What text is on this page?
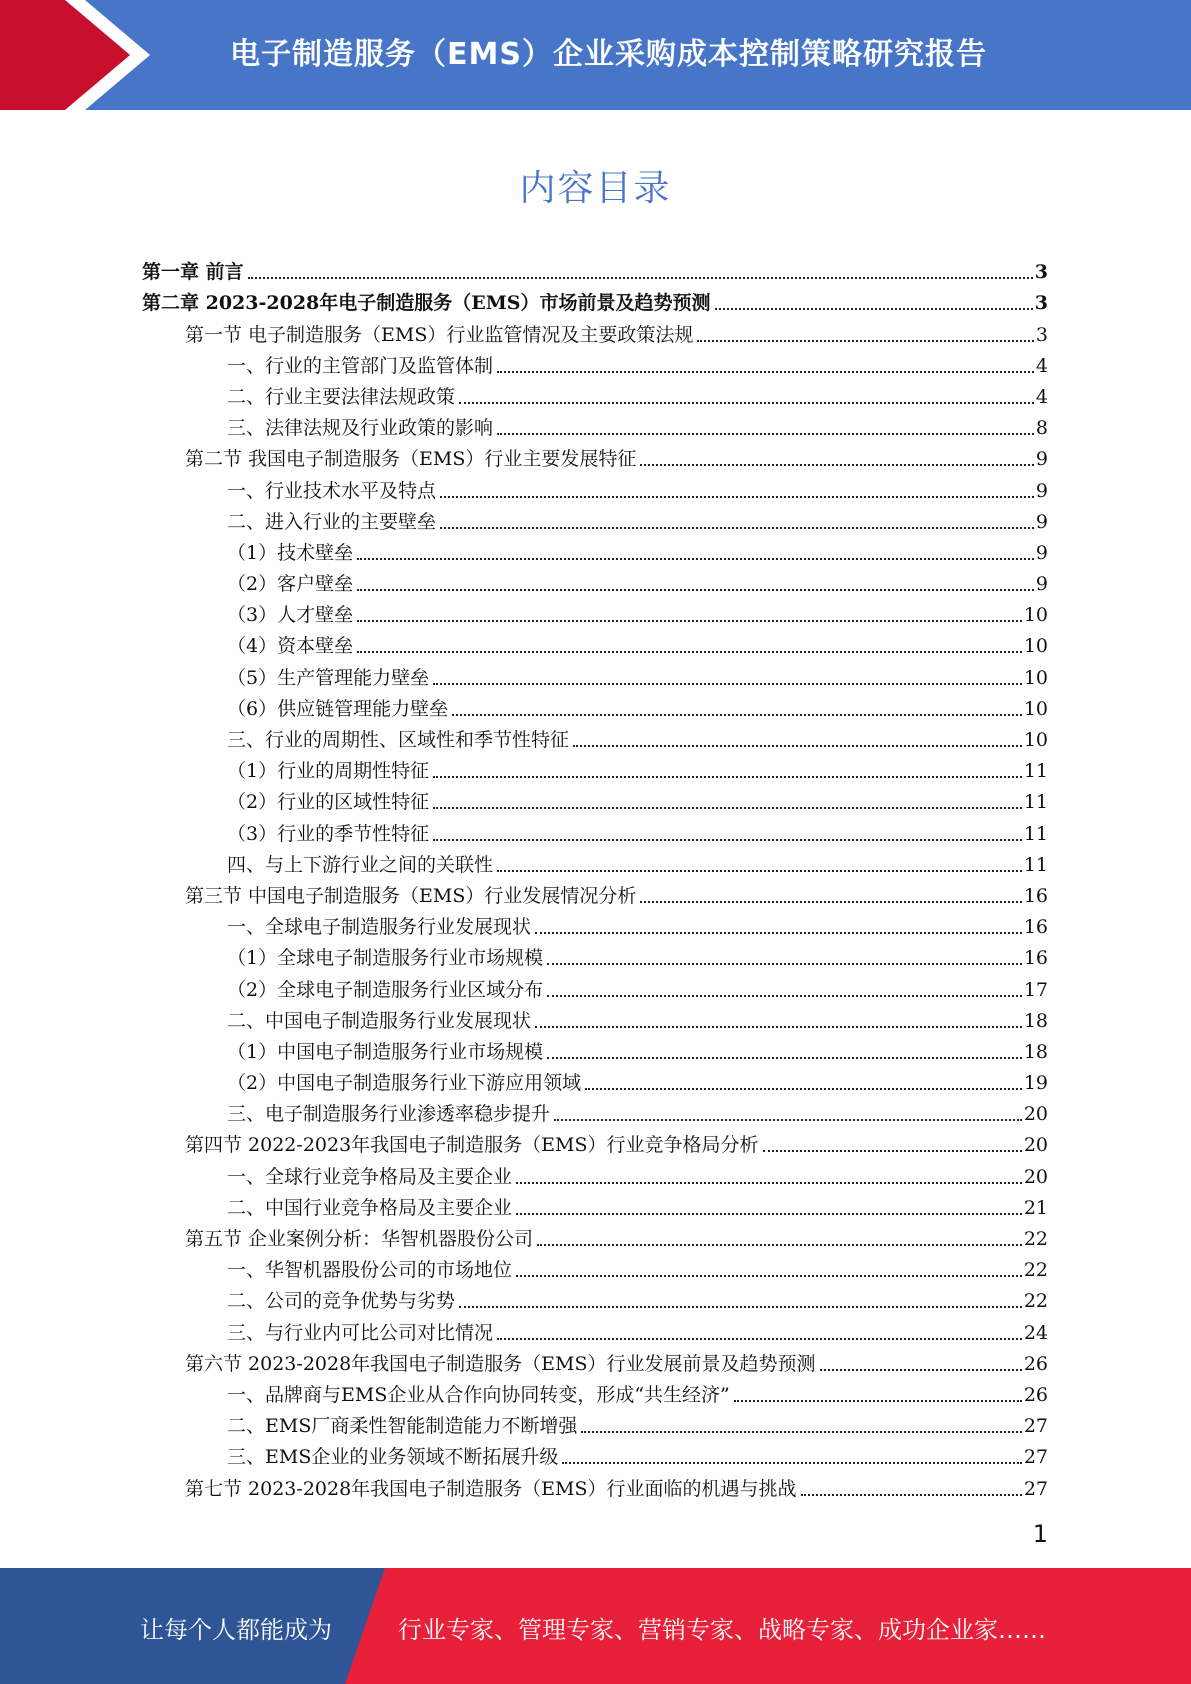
电子制造服务（EMS）企业采购成本控制策略研究报告
内容目录
第一章 前言	3
第二章 2023-2028年电子制造服务（EMS）市场前景及趋势预测	3
第一节 电子制造服务（EMS）行业监管情况及主要政策法规	3
一、行业的主管部门及监管体制	4
二、行业主要法律法规政策	4
三、法律法规及行业政策的影响	8
第二节 我国电子制造服务（EMS）行业主要发展特征	9
一、行业技术水平及特点	9
二、进入行业的主要壁垒	9
（1）技术壁垒	9
（2）客户壁垒	9
（3）人才壁垒	10
（4）资本壁垒	10
（5）生产管理能力壁垒	10
（6）供应链管理能力壁垒	10
三、行业的周期性、区域性和季节性特征	10
（1）行业的周期性特征	11
（2）行业的区域性特征	11
（3）行业的季节性特征	11
四、与上下游行业之间的关联性	11
第三节 中国电子制造服务（EMS）行业发展情况分析	16
一、全球电子制造服务行业发展现状	16
（1）全球电子制造服务行业市场规模	16
（2）全球电子制造服务行业区域分布	17
二、中国电子制造服务行业发展现状	18
（1）中国电子制造服务行业市场规模	18
（2）中国电子制造服务行业下游应用领域	19
三、电子制造服务行业渗透率稳步提升	20
第四节 2022-2023年我国电子制造服务（EMS）行业竞争格局分析	20
一、全球行业竞争格局及主要企业	20
二、中国行业竞争格局及主要企业	21
第五节 企业案例分析：华智机器股份公司	22
一、华智机器股份公司的市场地位	22
二、公司的竞争优势与劣势	22
三、与行业内可比公司对比情况	24
第六节 2023-2028年我国电子制造服务（EMS）行业发展前景及趋势预测	26
一、品牌商与EMS企业从合作向协同转变，形成“共生经济”	26
二、EMS厂商柔性智能制造能力不断增强	27
三、EMS企业的业务领域不断拓展升级	27
第七节 2023-2028年我国电子制造服务（EMS）行业面临的机遇与挑战	27
1
让每个人都能成为	行业专家、管理专家、营销专家、战略专家、成功企业家……
